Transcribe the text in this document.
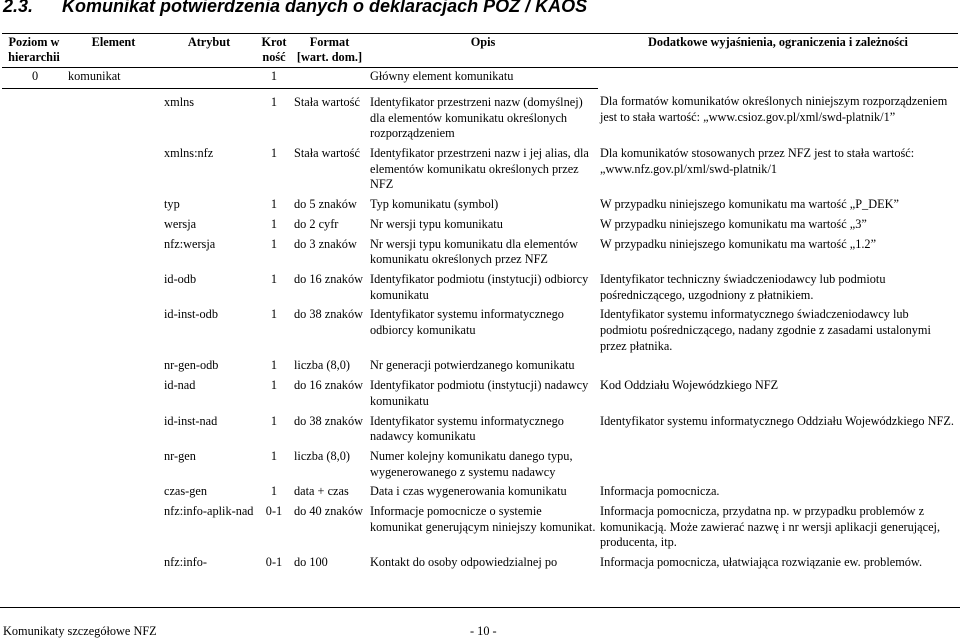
2.3. Komunikat potwierdzenia danych o deklaracjach POZ / KAOS
Poziom w hierarchii	Element	Atrybut	Krot ność	Format [wart. dom.]	Opis	Dodatkowe wyjaśnienia, ograniczenia i zależności
0	komunikat		1		Główny element komunikatu	
		xmlns	1	Stała wartość	Identyfikator przestrzeni nazw (domyślnej) dla elementów komunikatu określonych rozporządzeniem	Dla formatów komunikatów określonych niniejszym rozporządzeniem jest to stała wartość: „www.csioz.gov.pl/xml/swd-platnik/1”
		xmlns:nfz	1	Stała wartość	Identyfikator przestrzeni nazw i jej alias, dla elementów komunikatu określonych przez NFZ	Dla komunikatów stosowanych przez NFZ jest to stała wartość: „www.nfz.gov.pl/xml/swd-platnik/1
		typ	1	do 5 znaków	Typ komunikatu (symbol)	W przypadku niniejszego komunikatu ma wartość „P_DEK”
		wersja	1	do 2 cyfr	Nr wersji typu komunikatu	W przypadku niniejszego komunikatu ma wartość „3”
		nfz:wersja	1	do 3 znaków	Nr wersji typu komunikatu dla elementów komunikatu określonych przez NFZ	W przypadku niniejszego komunikatu ma wartość „1.2”
		id-odb	1	do 16 znaków	Identyfikator podmiotu (instytucji) odbiorcy komunikatu	Identyfikator techniczny świadczeniodawcy lub podmiotu pośredniczącego, uzgodniony z płatnikiem.
		id-inst-odb	1	do 38 znaków	Identyfikator systemu informatycznego odbiorcy komunikatu	Identyfikator systemu informatycznego świadczeniodawcy lub podmiotu pośredniczącego, nadany zgodnie z zasadami ustalonymi przez płatnika.
		nr-gen-odb	1	liczba (8,0)	Nr generacji potwierdzanego komunikatu	
		id-nad	1	do 16 znaków	Identyfikator podmiotu (instytucji) nadawcy komunikatu	Kod Oddziału Wojewódzkiego NFZ
		id-inst-nad	1	do 38 znaków	Identyfikator systemu informatycznego nadawcy komunikatu	Identyfikator systemu informatycznego Oddziału Wojewódzkiego NFZ.
		nr-gen	1	liczba (8,0)	Numer kolejny komunikatu danego typu, wygenerowanego z systemu nadawcy	
		czas-gen	1	data + czas	Data i czas wygenerowania komunikatu	Informacja pomocnicza.
		nfz:info-aplik-nad	0-1	do 40 znaków	Informacje pomocnicze o systemie komunikat generującym niniejszy komunikat.	Informacja pomocnicza, przydatna np. w przypadku problemów z komunikacją. Może zawierać nazwę i nr wersji aplikacji generującej, producenta, itp.
		nfz:info-	0-1	do 100	Kontakt do osoby odpowiedzialnej po	Informacja pomocnicza, ułatwiająca rozwiązanie ew. problemów.
Komunikaty szczegółowe NFZ	- 10 -
